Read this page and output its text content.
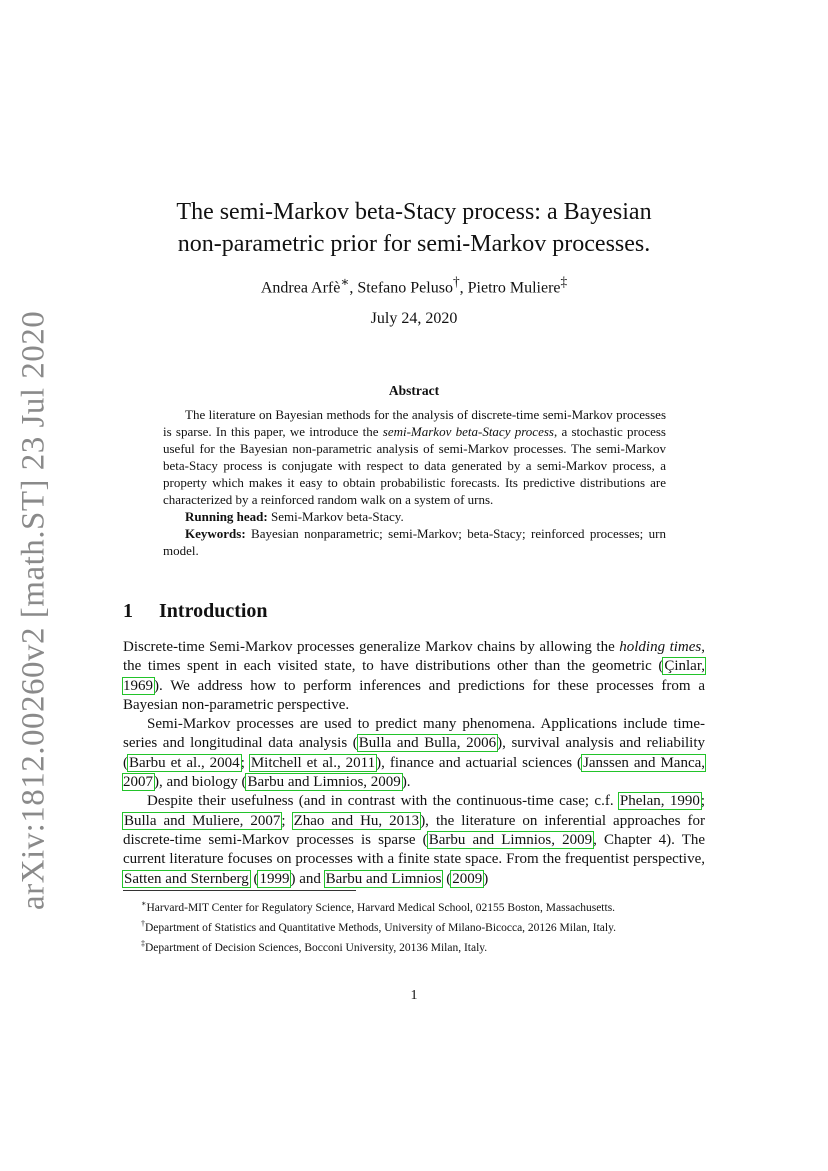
arXiv:1812.00260v2 [math.ST] 23 Jul 2020
The semi-Markov beta-Stacy process: a Bayesian
non-parametric prior for semi-Markov processes.
Andrea Arfè∗, Stefano Peluso†, Pietro Muliere‡
July 24, 2020
Abstract

The literature on Bayesian methods for the analysis of discrete-time semi-Markov processes is sparse. In this paper, we introduce the semi-Markov beta-Stacy process, a stochastic process useful for the Bayesian non-parametric analysis of semi-Markov processes. The semi-Markov beta-Stacy process is conjugate with respect to data generated by a semi-Markov process, a property which makes it easy to obtain probabilistic forecasts. Its predictive distributions are characterized by a reinforced random walk on a system of urns.

Running head: Semi-Markov beta-Stacy.

Keywords: Bayesian nonparametric; semi-Markov; beta-Stacy; reinforced processes; urn model.

1 Introduction

Discrete-time Semi-Markov processes generalize Markov chains by allowing the holding times, the times spent in each visited state, to have distributions other than the geometric (Çinlar, 1969). We address how to perform inferences and predictions for these processes from a Bayesian non-parametric perspective.

Semi-Markov processes are used to predict many phenomena. Applications include time-series and longitudinal data analysis (Bulla and Bulla, 2006), survival analysis and reliability (Barbu et al., 2004; Mitchell et al., 2011), finance and actuarial sciences (Janssen and Manca, 2007), and biology (Barbu and Limnios, 2009).

Despite their usefulness (and in contrast with the continuous-time case; c.f. Phelan, 1990; Bulla and Muliere, 2007; Zhao and Hu, 2013), the literature on inferential approaches for discrete-time semi-Markov processes is sparse (Barbu and Limnios, 2009, Chapter 4). The current literature focuses on processes with a finite state space. From the frequentist perspective, Satten and Sternberg (1999) and Barbu and Limnios (2009)

∗Harvard-MIT Center for Regulatory Science, Harvard Medical School, 02155 Boston, Massachusetts.

†Department of Statistics and Quantitative Methods, University of Milano-Bicocca, 20126 Milan, Italy.

‡Department of Decision Sciences, Bocconi University, 20136 Milan, Italy.

1
